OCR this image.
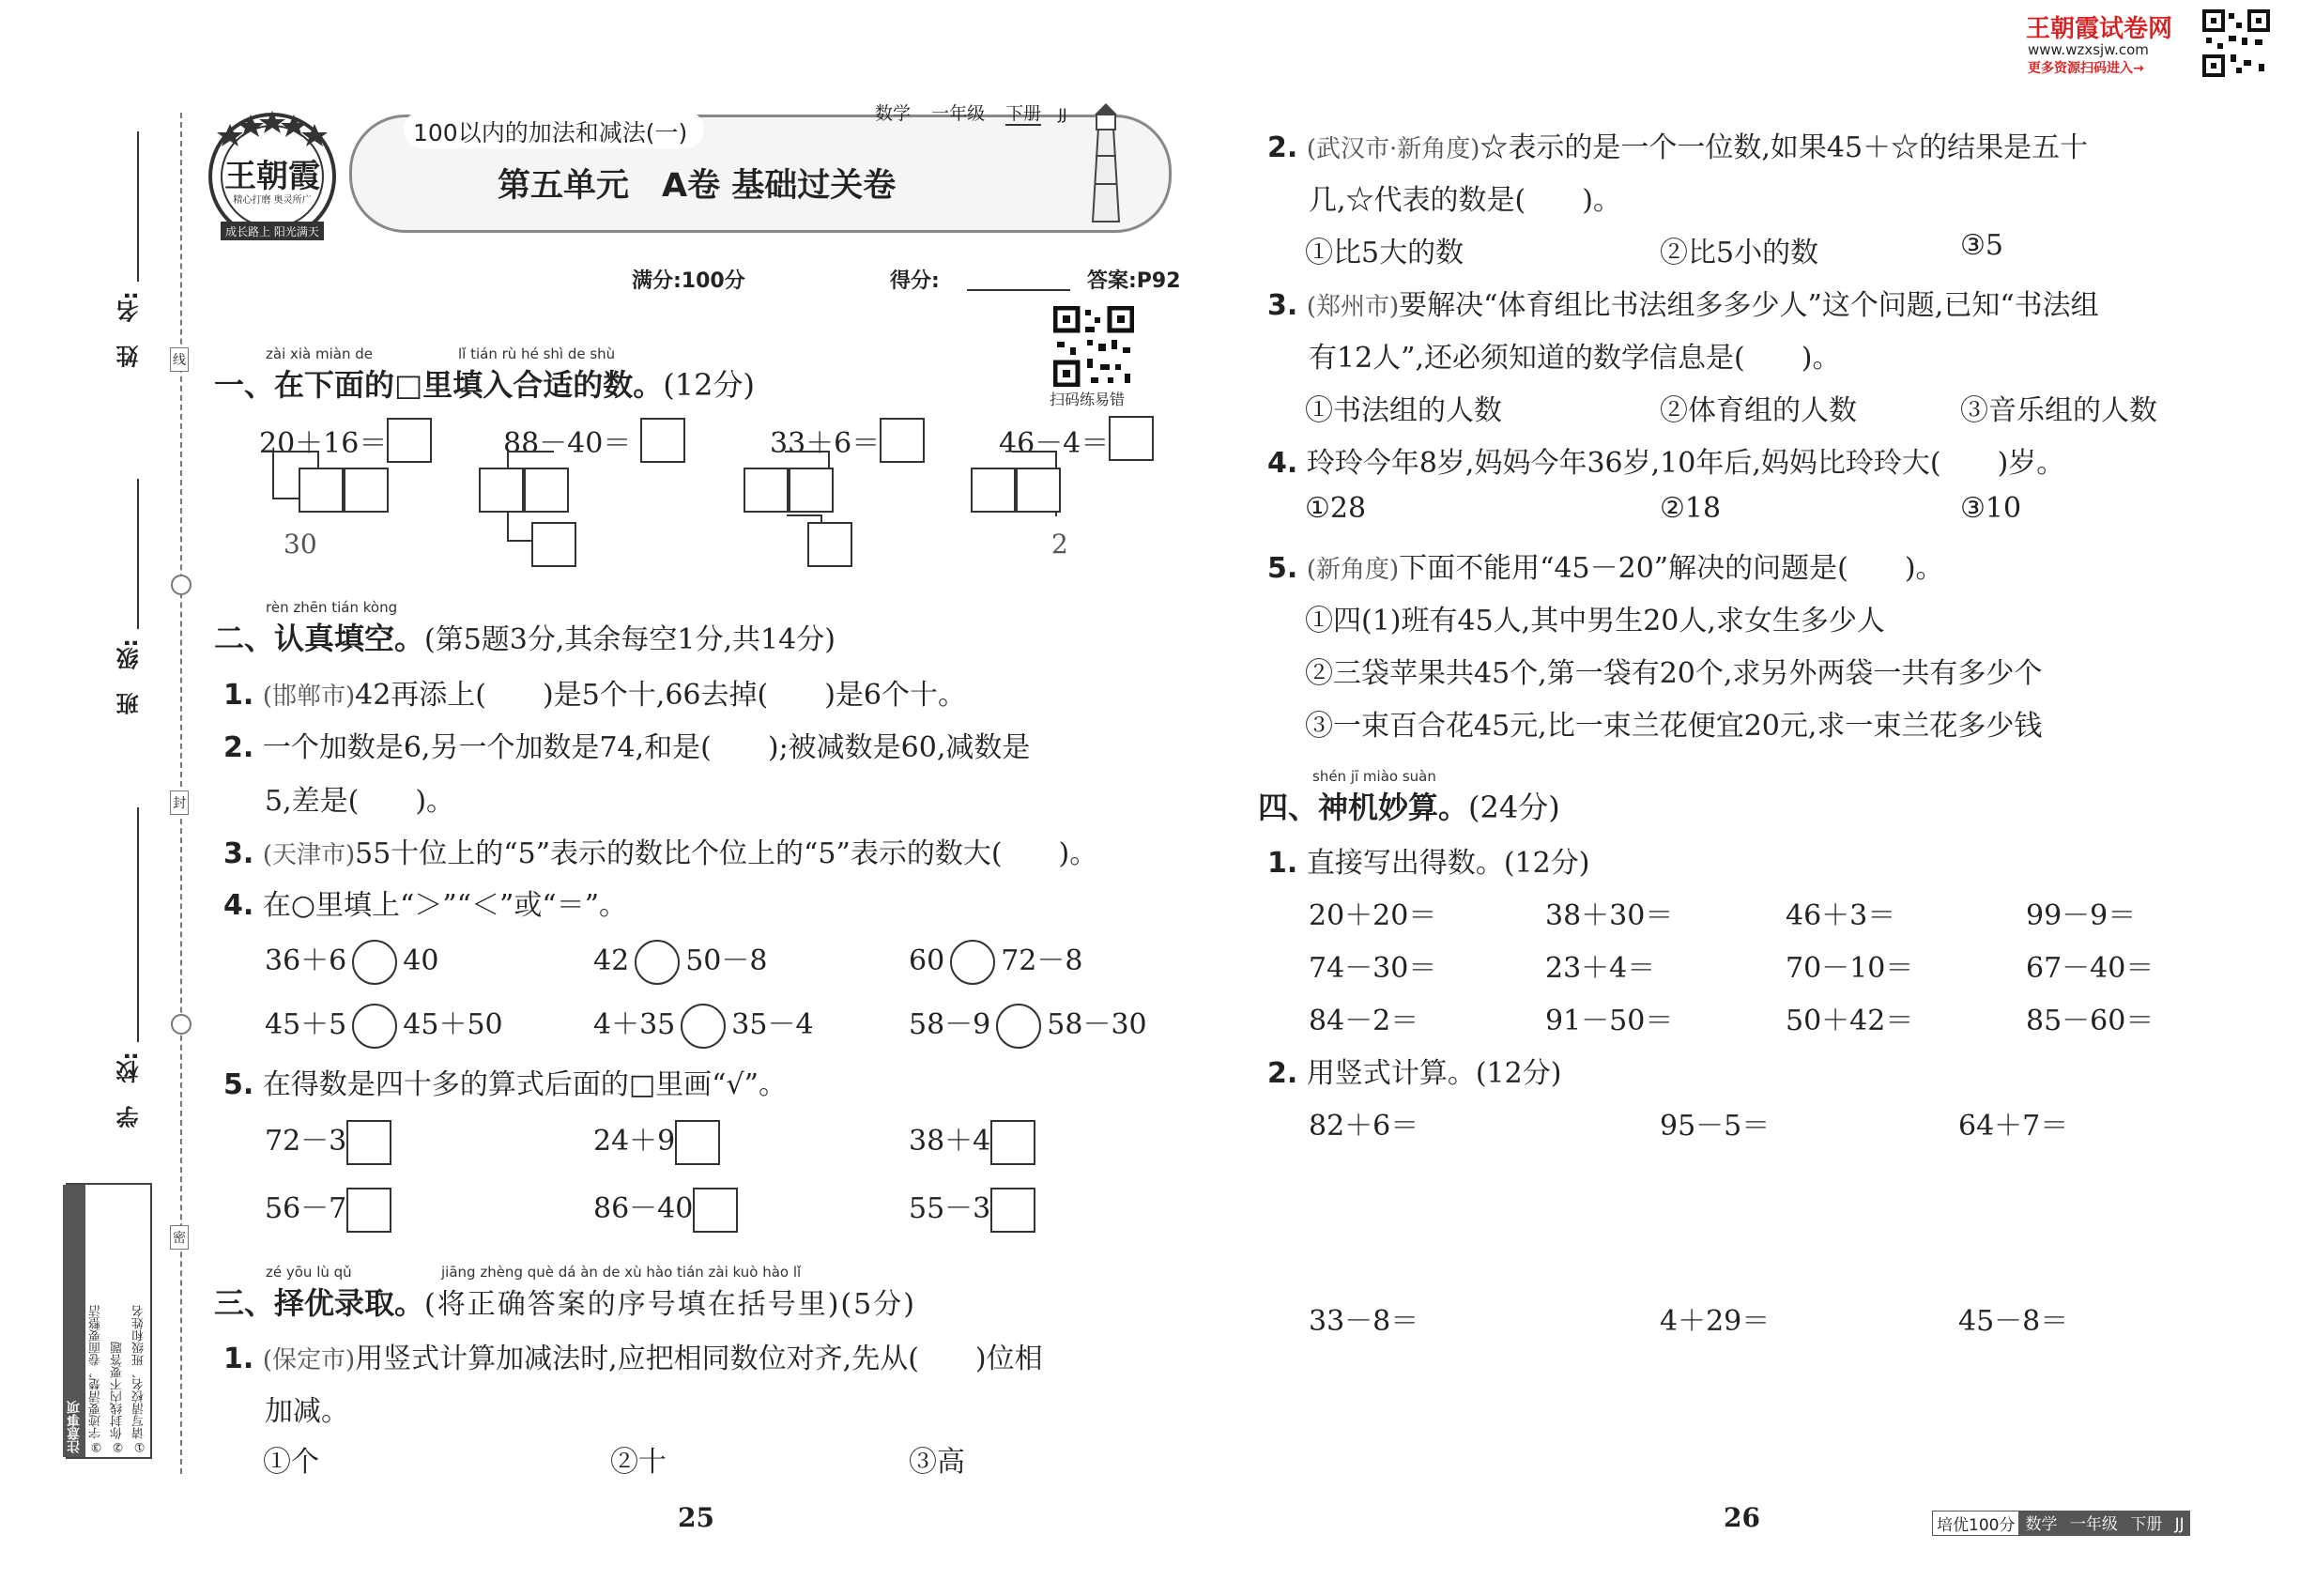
姓　名:
班　级:
学　校:
线
封
密
①请写清校名、班级和姓名
②你封线内不要答题
③字迹要清楚，卷面要整洁
注意事项
王朝霞
精心打磨 奥灵所广
成长路上 阳光满天
100以内的加法和减法(一)
数学 一年级 下册 JJ
第五单元　A卷 基础过关卷
满分:100分	得分:	答案:P92
扫码练易错
zài xià miàn de	lǐ tián rù hé shì de shù
一、在下面的□里填入合适的数。(12分)
20＋16＝
30
88－40＝	33＋6＝	46－4＝
2
rèn zhēn tián kòng
二、认真填空。(第5题3分,其余每空1分,共14分)
1. (邯郸市)42再添上(　　)是5个十,66去掉(　　)是6个十。
2. 一个加数是6,另一个加数是74,和是(　　);被减数是60,减数是
5,差是(　　)。
3. (天津市)55十位上的“5”表示的数比个位上的“5”表示的数大(　　)。
4. 在○里填上“＞”“＜”或“＝”。
36＋6 40	42 50－8	60 72－8
45＋5 45＋50	4＋35 35－4	58－9 58－30
5. 在得数是四十多的算式后面的□里画“√”。
72－3	24＋9	38＋4
56－7	86－40	55－3
zé yōu lù qǔ	jiāng zhèng què dá àn de xù hào tián zài kuò hào lǐ
三、择优录取。(将正确答案的序号填在括号里)(5分)
1. (保定市)用竖式计算加减法时,应把相同数位对齐,先从(　　)位相
加减。
①个	②十	③高
2. (武汉市·新角度)☆表示的是一个一位数,如果45＋☆的结果是五十
几,☆代表的数是(　　)。
①比5大的数	②比5小的数	③5
3. (郑州市)要解决“体育组比书法组多多少人”这个问题,已知“书法组
有12人”,还必须知道的数学信息是(　　)。
①书法组的人数	②体育组的人数	③音乐组的人数
4. 玲玲今年8岁,妈妈今年36岁,10年后,妈妈比玲玲大(　　)岁。
①28	②18	③10
5. (新角度)下面不能用“45－20”解决的问题是(　　)。
①四(1)班有45人,其中男生20人,求女生多少人
②三袋苹果共45个,第一袋有20个,求另外两袋一共有多少个
③一束百合花45元,比一束兰花便宜20元,求一束兰花多少钱
shén jī miào suàn
四、神机妙算。(24分)
1. 直接写出得数。(12分)
20＋20＝	38＋30＝	46＋3＝	99－9＝
74－30＝	23＋4＝	70－10＝	67－40＝
84－2＝	91－50＝	50＋42＝	85－60＝
2. 用竖式计算。(12分)
82＋6＝	95－5＝	64＋7＝
33－8＝	4＋29＝	45－8＝
王朝霞试卷网
www.wzxsjw.com
更多资源扫码进入→
25	26	培优100分 数学 一年级 下册 JJ
